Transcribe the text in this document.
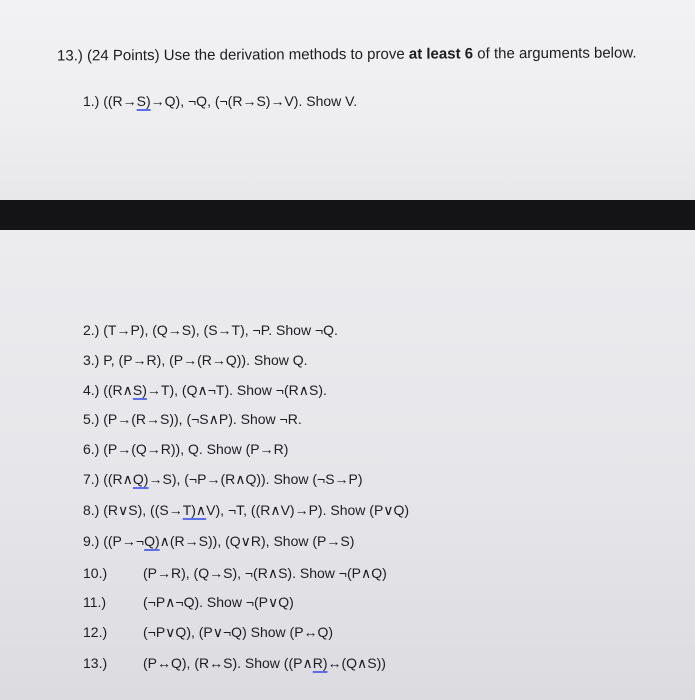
13.) (24 Points) Use the derivation methods to prove at least 6 of the arguments below.
1.) ((R→S)→Q), ¬Q, (¬(R→S)→V). Show V.
2.) (T→P), (Q→S), (S→T), ¬P. Show ¬Q.
3.) P, (P→R), (P→(R→Q)). Show Q.
4.) ((R∧S)→T), (Q∧¬T). Show ¬(R∧S).
5.) (P→(R→S)), (¬S∧P). Show ¬R.
6.) (P→(Q→R)), Q. Show (P→R)
7.) ((R∧Q)→S), (¬P→(R∧Q)). Show (¬S→P)
8.) (R∨S), ((S→T)∧V), ¬T, ((R∧V)→P). Show (P∨Q)
9.) ((P→¬Q)∧(R→S)), (Q∨R), Show (P→S)
10.)	(P→R), (Q→S), ¬(R∧S). Show ¬(P∧Q)
11.)	(¬P∧¬Q). Show ¬(P∨Q)
12.)	(¬P∨Q), (P∨¬Q) Show (P↔Q)
13.)	(P↔Q), (R↔S). Show ((P∧R)↔(Q∧S))
